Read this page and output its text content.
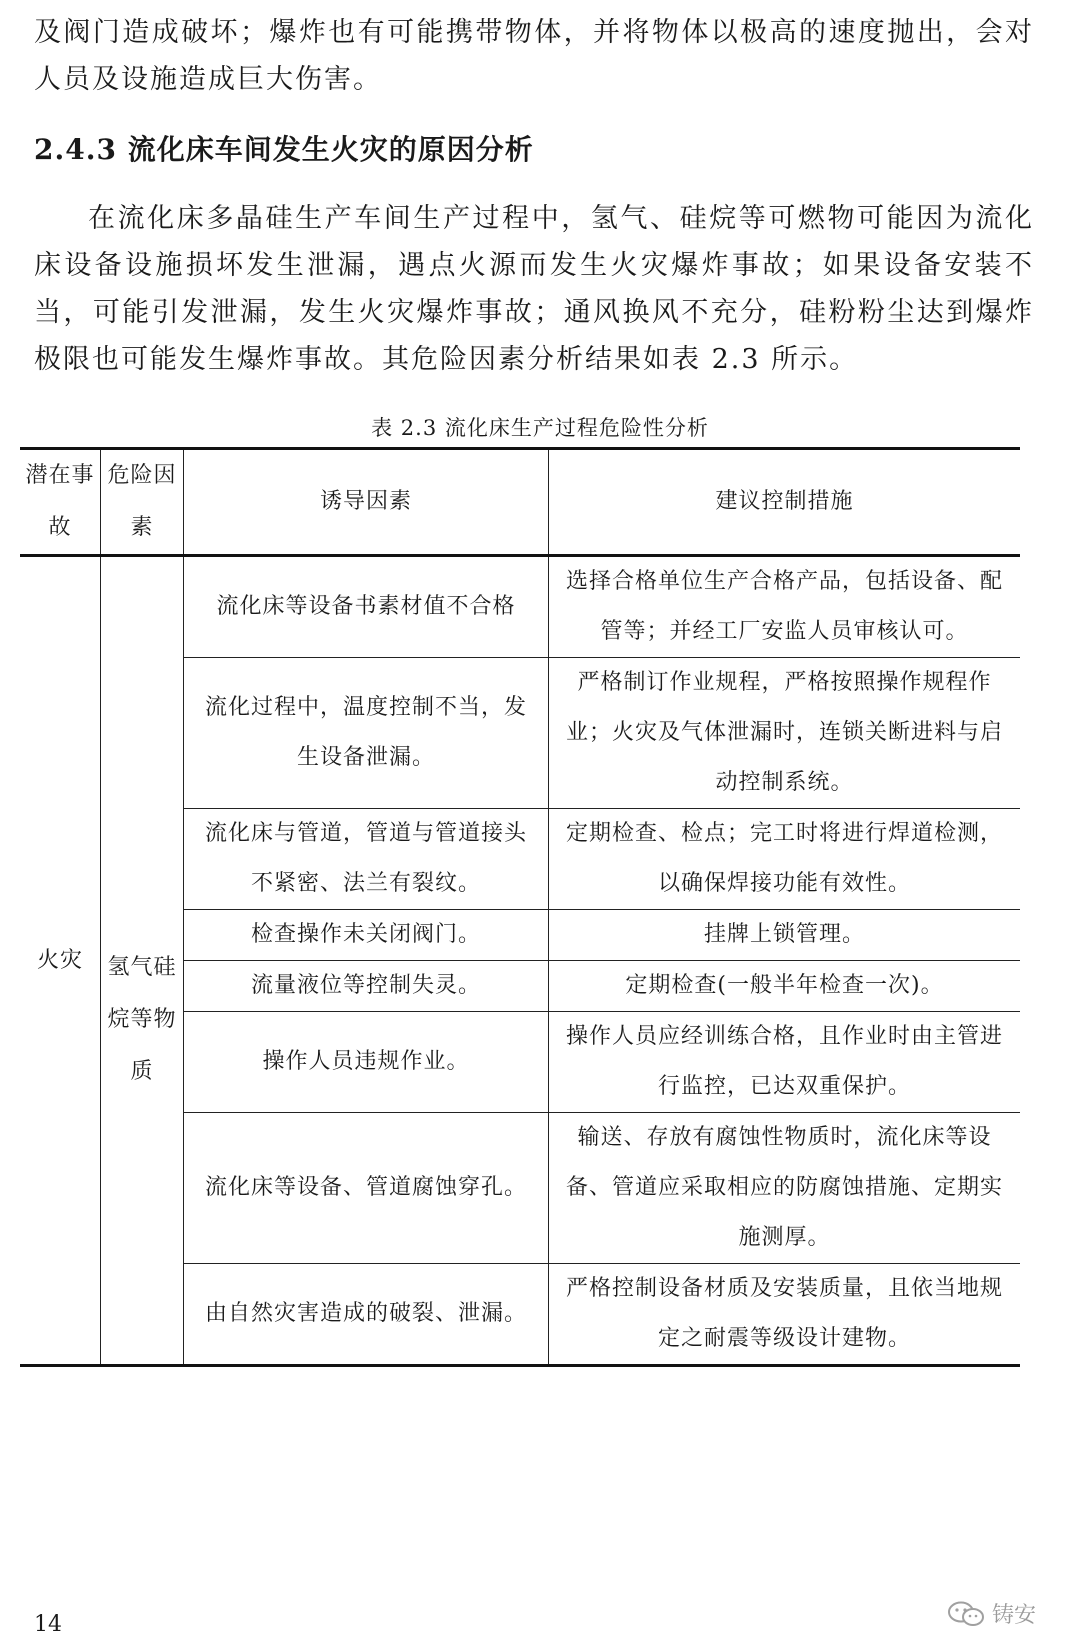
及阀门造成破坏；爆炸也有可能携带物体，并将物体以极高的速度抛出，会对人员及设施造成巨大伤害。

2.4.3 流化床车间发生火灾的原因分析

在流化床多晶硅生产车间生产过程中，氢气、硅烷等可燃物可能因为流化床设备设施损坏发生泄漏，遇点火源而发生火灾爆炸事故；如果设备安装不当，可能引发泄漏，发生火灾爆炸事故；通风换风不充分，硅粉粉尘达到爆炸极限也可能发生爆炸事故。其危险因素分析结果如表 2.3 所示。

表 2.3 流化床生产过程危险性分析

潜在事故	危险因素	诱导因素	建议控制措施
火灾	氢气硅烷等物质	流化床等设备书素材值不合格	选择合格单位生产合格产品，包括设备、配管等；并经工厂安监人员审核认可。
		流化过程中，温度控制不当，发生设备泄漏。	严格制订作业规程，严格按照操作规程作业；火灾及气体泄漏时，连锁关断进料与启动控制系统。
		流化床与管道，管道与管道接头不紧密、法兰有裂纹。	定期检查、检点；完工时将进行焊道检测，以确保焊接功能有效性。
		检查操作未关闭阀门。	挂牌上锁管理。
		流量液位等控制失灵。	定期检查(一般半年检查一次)。
		操作人员违规作业。	操作人员应经训练合格，且作业时由主管进行监控，已达双重保护。
		流化床等设备、管道腐蚀穿孔。	输送、存放有腐蚀性物质时，流化床等设备、管道应采取相应的防腐蚀措施、定期实施测厚。
		由自然灾害造成的破裂、泄漏。	严格控制设备材质及安装质量，且依当地规定之耐震等级设计建物。

14	铸安
